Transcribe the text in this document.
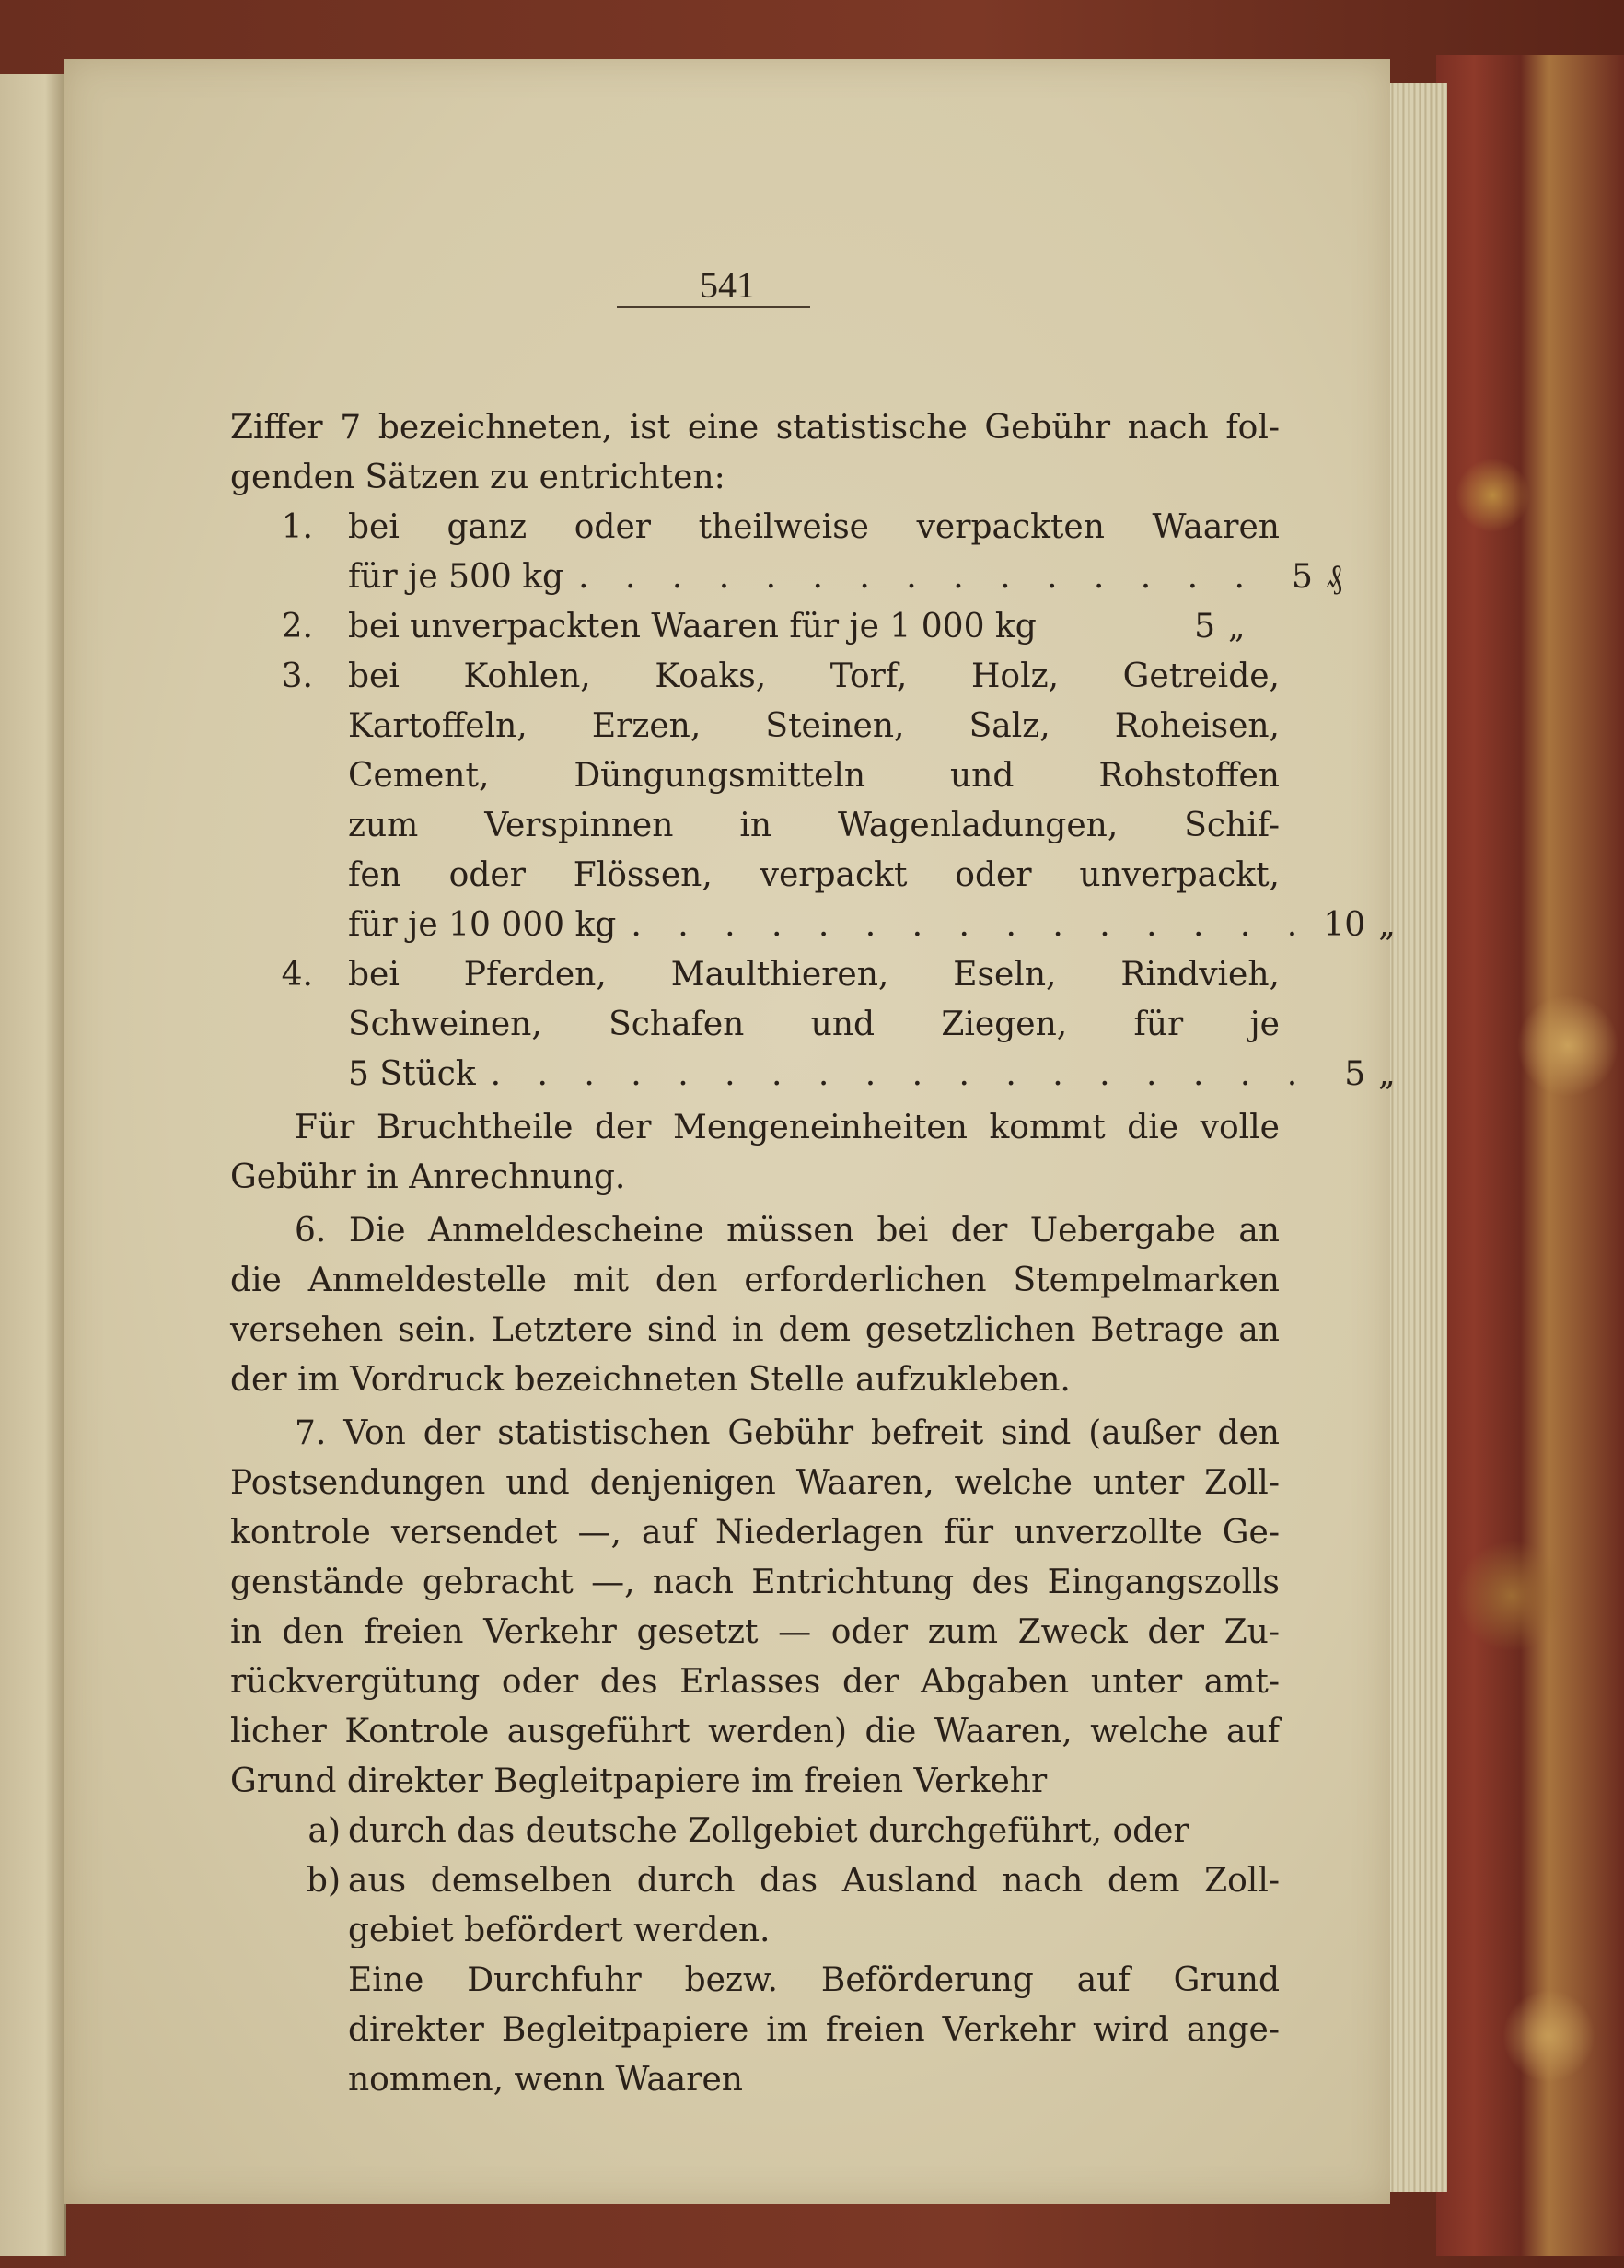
541
Ziffer 7 bezeichneten, ist eine statistische Gebühr nach fol-
genden Sätzen zu entrichten:
1. bei ganz oder theilweise verpackten Waaren
für je 500 kg . . . . . . . . . . . . . . .	5 ₰
2. bei unverpackten Waaren für je 1 000 kg	5 „
3. bei Kohlen, Koaks, Torf, Holz, Getreide,
Kartoffeln, Erzen, Steinen, Salz, Roheisen,
Cement, Düngungsmitteln und Rohstoffen
zum Verspinnen in Wagenladungen, Schif-
fen oder Flössen, verpackt oder unverpackt,
für je 10 000 kg . . . . . . . . . . . . . . . 10 „
4. bei Pferden, Maulthieren, Eseln, Rindvieh,
Schweinen, Schafen und Ziegen, für je
5 Stück . . . . . . . . . . . . . . . . . .	5 „
Für Bruchtheile der Mengeneinheiten kommt die volle
Gebühr in Anrechnung.
6. Die Anmeldescheine müssen bei der Uebergabe an
die Anmeldestelle mit den erforderlichen Stempelmarken
versehen sein. Letztere sind in dem gesetzlichen Betrage an
der im Vordruck bezeichneten Stelle aufzukleben.
7. Von der statistischen Gebühr befreit sind (außer den
Postsendungen und denjenigen Waaren, welche unter Zoll-
kontrole versendet —, auf Niederlagen für unverzollte Ge-
genstände gebracht —, nach Entrichtung des Eingangszolls
in den freien Verkehr gesetzt — oder zum Zweck der Zu-
rückvergütung oder des Erlasses der Abgaben unter amt-
licher Kontrole ausgeführt werden) die Waaren, welche auf
Grund direkter Begleitpapiere im freien Verkehr
a) durch das deutsche Zollgebiet durchgeführt, oder
b) aus demselben durch das Ausland nach dem Zoll-
gebiet befördert werden.
Eine Durchfuhr bezw. Beförderung auf Grund
direkter Begleitpapiere im freien Verkehr wird ange-
nommen, wenn Waaren
